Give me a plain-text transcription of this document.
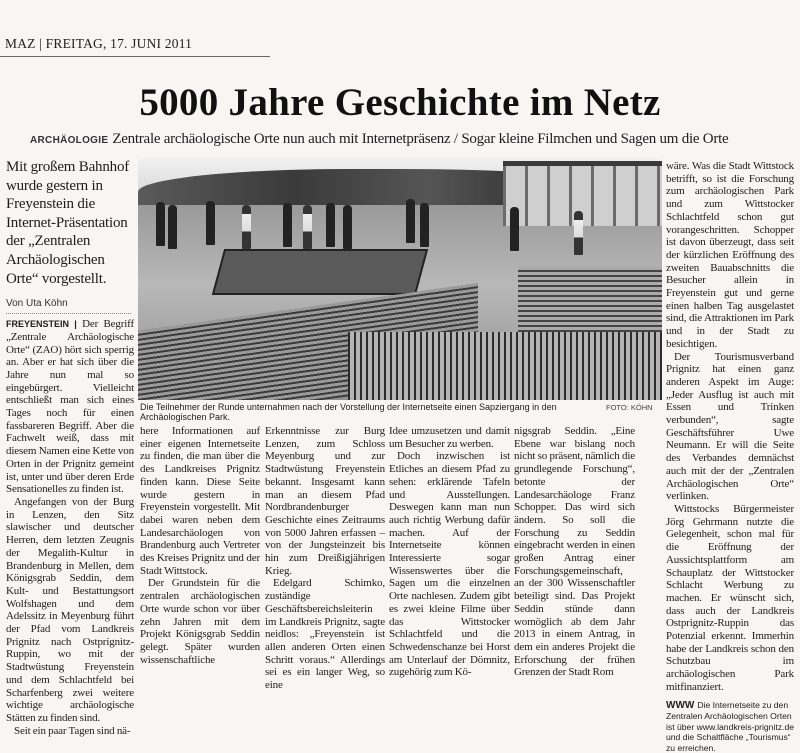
MAZ | FREITAG, 17. JUNI 2011
5000 Jahre Geschichte im Netz
ARCHÄOLOGIE Zentrale archäologische Orte nun auch mit Internetpräsenz / Sogar kleine Filmchen und Sagen um die Orte
Mit großem Bahnhof wurde gestern in Freyenstein die Internet-Präsentation der „Zentralen Archäologischen Orte“ vorgestellt.
Von Uta Köhn

FREYENSTEIN | Der Begriff „Zentrale Archäologische Orte“ (ZAO) hört sich sperrig an. Aber er hat sich über die Jahre nun mal so eingebürgert. Vielleicht entschließt man sich eines Tages noch für einen fassbareren Begriff. Aber die Fachwelt weiß, dass mit diesem Namen eine Kette von Orten in der Prignitz gemeint ist, unter und über deren Erde Sensationelles zu finden ist.

Angefangen von der Burg in Lenzen, den Sitz slawischer und deutscher Herren, dem letzten Zeugnis der Megalith-Kultur in Brandenburg in Mellen, dem Königsgrab Seddin, dem Kult- und Bestattungsort Wolfshagen und dem Adelssitz in Meyenburg führt der Pfad vom Landkreis Prignitz nach Ostprignitz-Ruppin, wo mit der Stadtwüstung Freyenstein und dem Schlachtfeld bei Scharfenberg zwei weitere wichtige archäologische Stätten zu finden sind.

Seit ein paar Tagen sind nä-

Die Teilnehmer der Runde unternahmen nach der Vorstellung der Internetseite einen Sapziergang in den Archäologischen Park.
FOTO: KÖHN

here Informationen auf einer eigenen Internetseite zu finden, die man über die des Landkreises Prignitz finden kann. Diese Seite wurde gestern in Freyenstein vorgestellt. Mit dabei waren neben dem Landesarchäologen von Brandenburg auch Vertreter des Kreises Prignitz und der Stadt Wittstock.

Der Grundstein für die zentralen archäologischen Orte wurde schon vor über zehn Jahren mit dem Projekt Königsgrab Seddin gelegt. Später wurden wissenschaftliche

Erkenntnisse zur Burg Lenzen, zum Schloss Meyenburg und zur Stadtwüstung Freyenstein bekannt. Insgesamt kann man an diesem Pfad Nordbrandenburger Geschichte eines Zeitraums von 5000 Jahren erfassen – von der Jungsteinzeit bis hin zum Dreißigjährigen Krieg.

Edelgard Schimko, zuständige Geschäftsbereichsleiterin im Landkreis Prignitz, sagte neidlos: „Freyenstein ist allen anderen Orten einen Schritt voraus.“ Allerdings sei es ein langer Weg, so eine

Idee umzusetzen und damit um Besucher zu werben.

Doch inzwischen ist Etliches an diesem Pfad zu sehen: erklärende Tafeln und Ausstellungen. Deswegen kann man nun auch richtig Werbung dafür machen. Auf der Internetseite können Interessierte sogar Wissenswertes über die Sagen um die einzelnen Orte nachlesen. Zudem gibt es zwei kleine Filme über das Wittstocker Schlachtfeld und die Schwedenschanze bei Horst am Unterlauf der Dömnitz, zugehörig zum Kö-

nigsgrab Seddin. „Eine Ebene war bislang noch nicht so präsent, nämlich die grundlegende Forschung“, betonte der Landesarchäologe Franz Schopper. Das wird sich ändern. So soll die Forschung zu Seddin eingebracht werden in einen großen Antrag einer Forschungsgemeinschaft, an der 300 Wissenschaftler beteiligt sind. Das Projekt Seddin stünde dann womöglich ab dem Jahr 2013 in einem Antrag, in dem ein anderes Projekt die Erforschung der frühen Grenzen der Stadt Rom

wäre. Was die Stadt Wittstock betrifft, so ist die Forschung zum archäologischen Park und zum Wittstocker Schlachtfeld schon gut vorangeschritten. Schopper ist davon überzeugt, dass seit der kürzlichen Eröffnung des zweiten Bauabschnitts die Besucher allein in Freyenstein gut und gerne einen halben Tag ausgelastet sind, die Attraktionen im Park und in der Stadt zu besichtigen.

Der Tourismusverband Prignitz hat einen ganz anderen Aspekt im Auge: „Jeder Ausflug ist auch mit Essen und Trinken verbunden“, sagte Geschäftsführer Uwe Neumann. Er will die Seite des Verbandes demnächst auch mit der der „Zentralen Archäologischen Orte“ verlinken.

Wittstocks Bürgermeister Jörg Gehrmann nutzte die Gelegenheit, schon mal für die Eröffnung der Aussichtsplattform am Schauplatz der Wittstocker Schlacht Werbung zu machen. Er wünscht sich, dass auch der Landkreis Ostprignitz-Ruppin das Potenzial erkennt. Immerhin habe der Landkreis schon den Schutzbau im archäologischen Park mitfinanziert.

WWW Die Internetseite zu den Zentralen Archäologischen Orten ist über www.landkreis-prignitz.de und die Schaltfläche „Tourismus“ zu erreichen.
